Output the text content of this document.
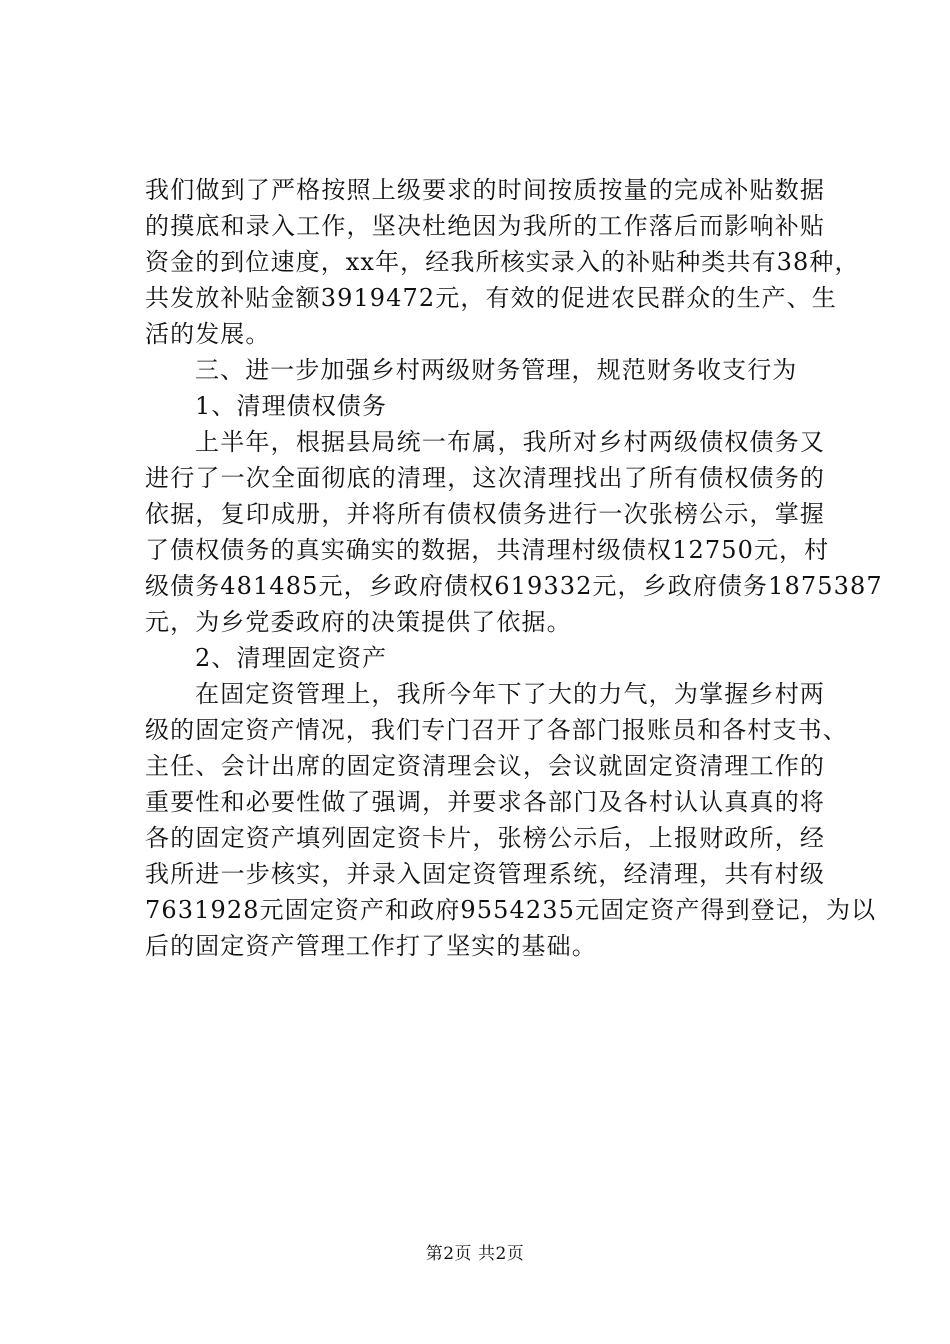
我们做到了严格按照上级要求的时间按质按量的完成补贴数据
的摸底和录入工作，坚决杜绝因为我所的工作落后而影响补贴
资金的到位速度，xx年，经我所核实录入的补贴种类共有38种，
共发放补贴金额3919472元，有效的促进农民群众的生产、生
活的发展。
三、进一步加强乡村两级财务管理，规范财务收支行为
1、清理债权债务
上半年，根据县局统一布属，我所对乡村两级债权债务又
进行了一次全面彻底的清理，这次清理找出了所有债权债务的
依据，复印成册，并将所有债权债务进行一次张榜公示，掌握
了债权债务的真实确实的数据，共清理村级债权12750元，村
级债务481485元，乡政府债权619332元，乡政府债务1875387
元，为乡党委政府的决策提供了依据。
2、清理固定资产
在固定资管理上，我所今年下了大的力气，为掌握乡村两
级的固定资产情况，我们专门召开了各部门报账员和各村支书、
主任、会计出席的固定资清理会议，会议就固定资清理工作的
重要性和必要性做了强调，并要求各部门及各村认认真真的将
各的固定资产填列固定资卡片，张榜公示后，上报财政所，经
我所进一步核实，并录入固定资管理系统，经清理，共有村级
7631928元固定资产和政府9554235元固定资产得到登记，为以
后的固定资产管理工作打了坚实的基础。
第2页 共2页
